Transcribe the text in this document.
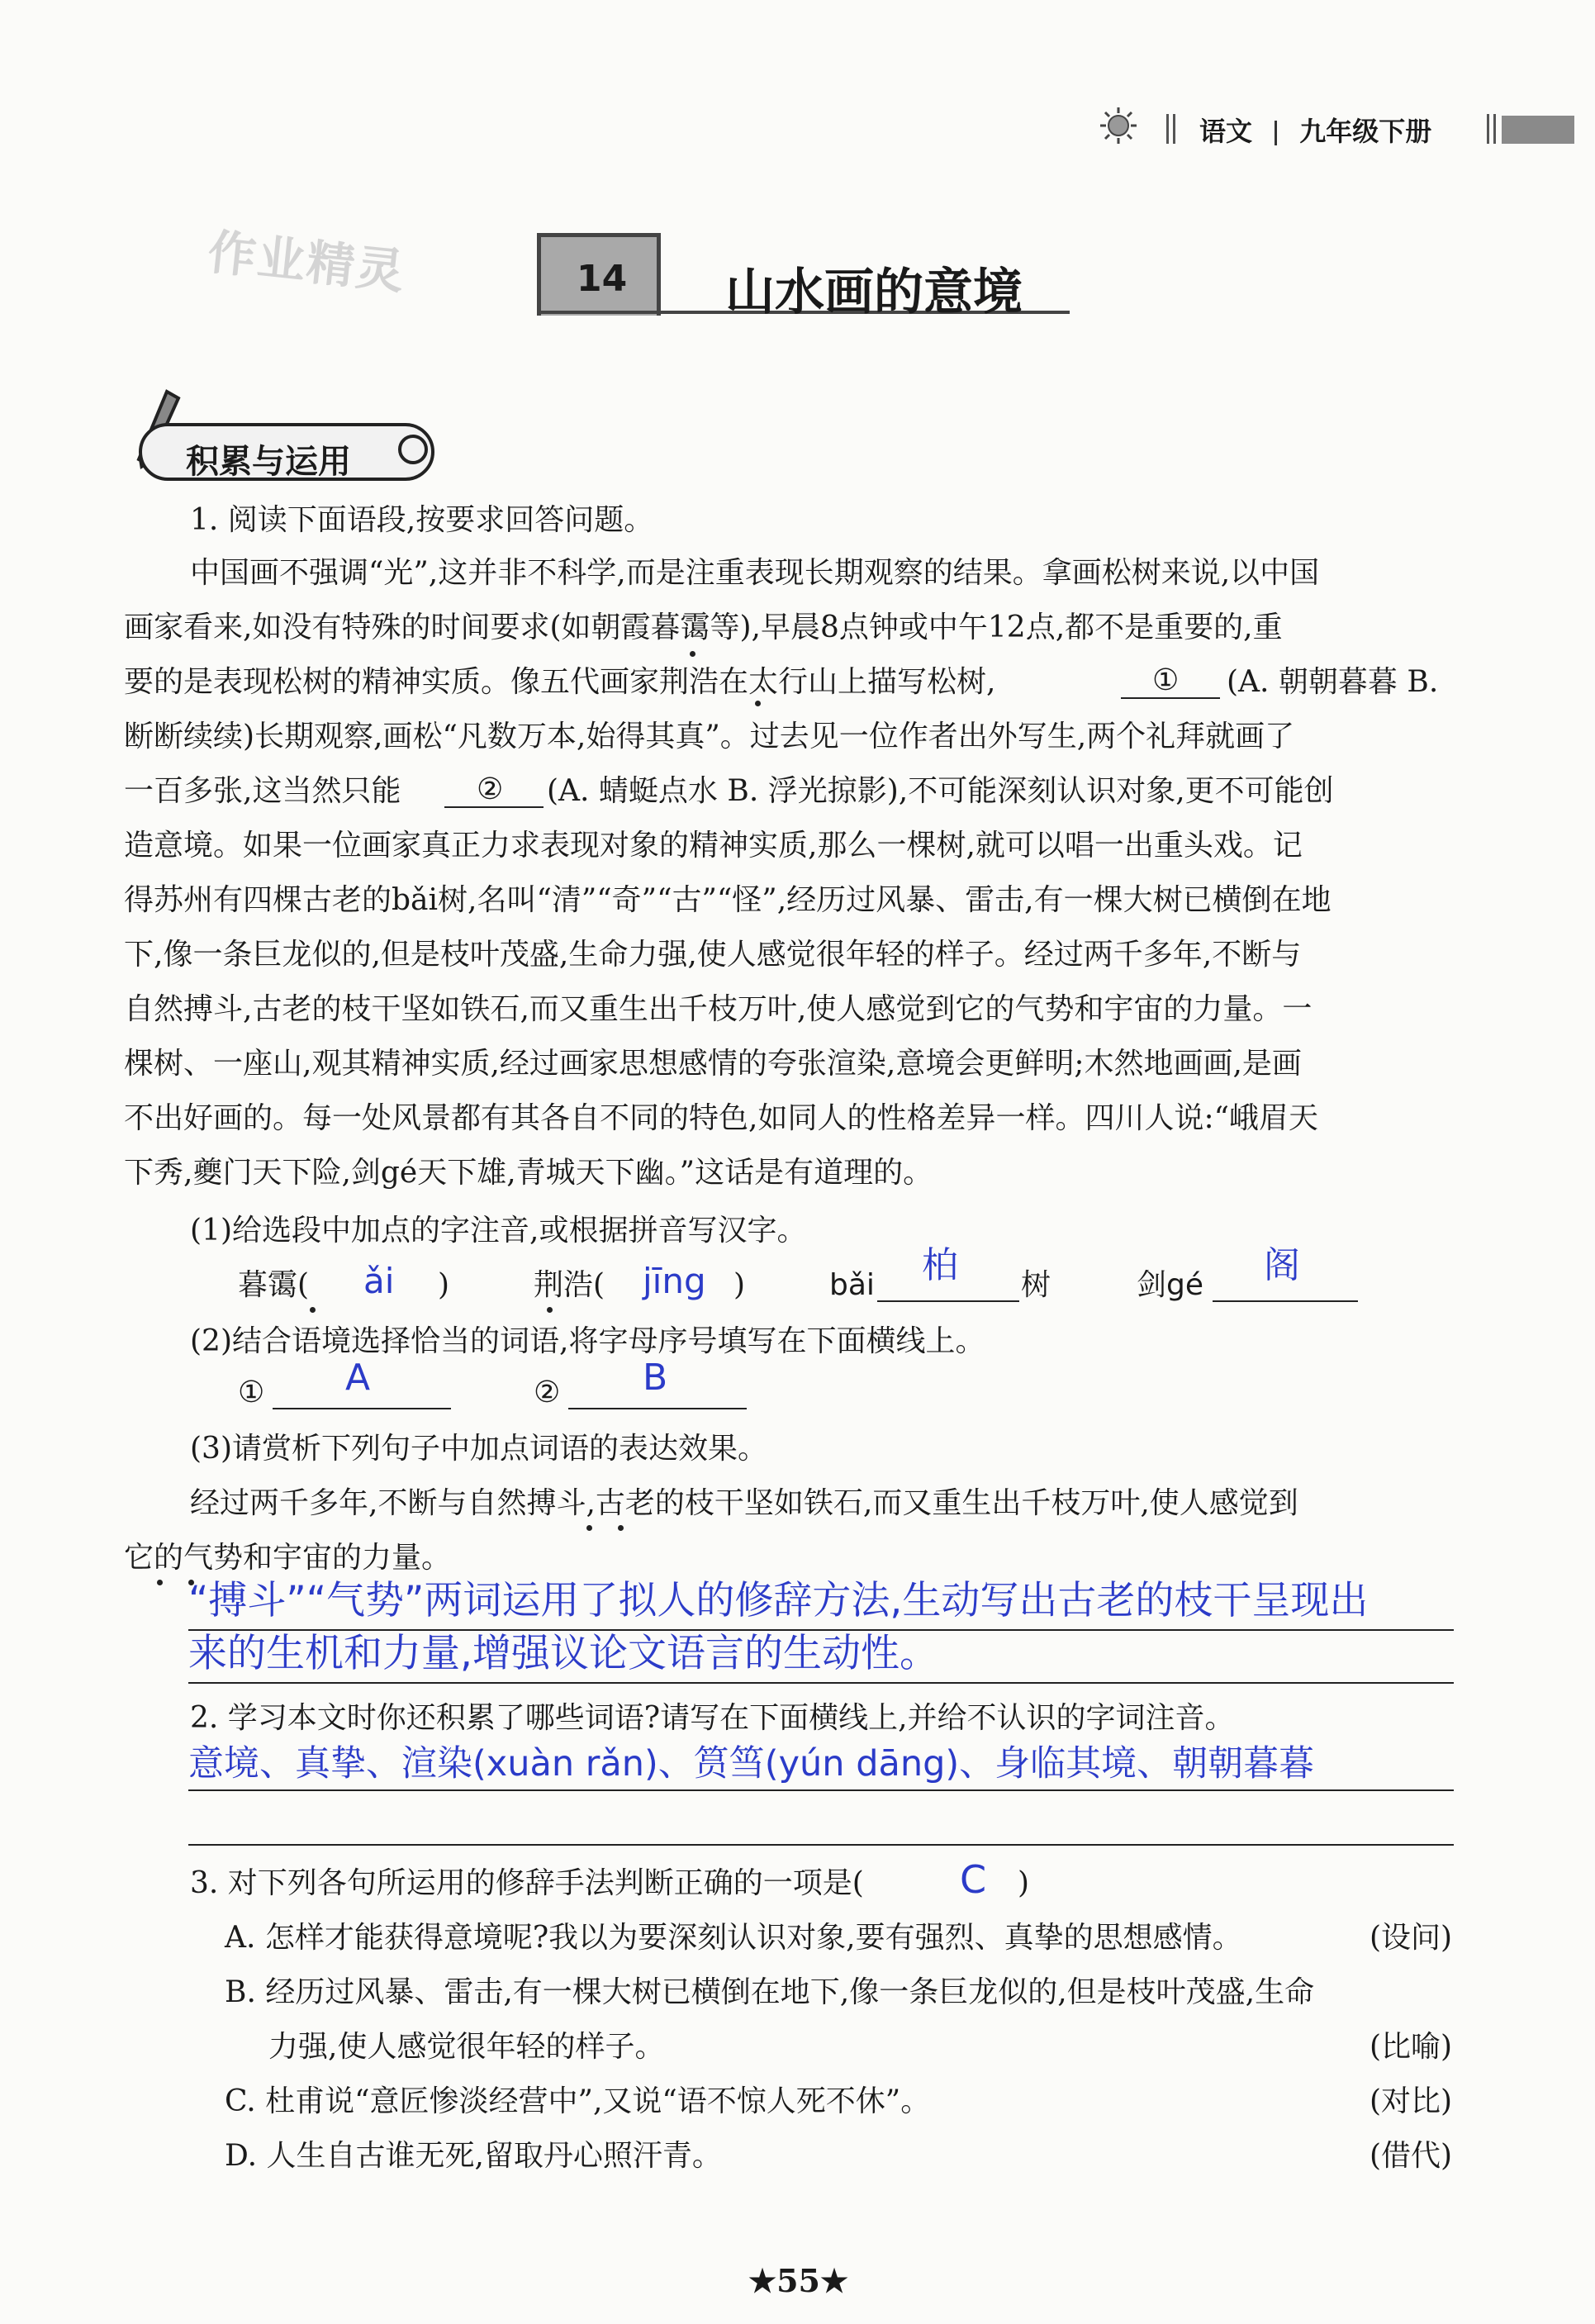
语文 九年级下册
作业精灵	14 山水画的意境
积累与运用
1. 阅读下面语段,按要求回答问题。
中国画不强调“光”,这并非不科学,而是注重表现长期观察的结果。拿画松树来说,以中国
画家看来,如没有特殊的时间要求(如朝霞暮霭等),早晨8点钟或中午12点,都不是重要的,重
要的是表现松树的精神实质。像五代画家荆浩在太行山上描写松树,	① (A. 朝朝暮暮 B.
断断续续)长期观察,画松“凡数万本,始得其真”。过去见一位作者出外写生,两个礼拜就画了
一百多张,这当然只能	② (A. 蜻蜓点水 B. 浮光掠影),不可能深刻认识对象,更不可能创
造意境。如果一位画家真正力求表现对象的精神实质,那么一棵树,就可以唱一出重头戏。记
得苏州有四棵古老的bǎi树,名叫“清”“奇”“古”“怪”,经历过风暴、雷击,有一棵大树已横倒在地
下,像一条巨龙似的,但是枝叶茂盛,生命力强,使人感觉很年轻的样子。经过两千多年,不断与
自然搏斗,古老的枝干坚如铁石,而又重生出千枝万叶,使人感觉到它的气势和宇宙的力量。一
棵树、一座山,观其精神实质,经过画家思想感情的夸张渲染,意境会更鲜明;木然地画画,是画
不出好画的。每一处风景都有其各自不同的特色,如同人的性格差异一样。四川人说:“峨眉天
下秀,夔门天下险,剑gé天下雄,青城天下幽。”这话是有道理的。
(1)给选段中加点的字注音,或根据拼音写汉字。
暮霭( ǎi )	荆浩( jīng )	bǎi 柏 树	剑gé 阁
(2)结合语境选择恰当的词语,将字母序号填写在下面横线上。
① A	② B
(3)请赏析下列句子中加点词语的表达效果。
经过两千多年,不断与自然搏斗,古老的枝干坚如铁石,而又重生出千枝万叶,使人感觉到
它的气势和宇宙的力量。
“搏斗”“气势”两词运用了拟人的修辞方法,生动写出古老的枝干呈现出
来的生机和力量,增强议论文语言的生动性。
2. 学习本文时你还积累了哪些词语?请写在下面横线上,并给不认识的字词注音。
意境、真挚、渲染(xuàn rǎn)、筼筜(yún dāng)、身临其境、朝朝暮暮
3. 对下列各句所运用的修辞手法判断正确的一项是(	C )
A. 怎样才能获得意境呢?我以为要深刻认识对象,要有强烈、真挚的思想感情。	(设问)
B. 经历过风暴、雷击,有一棵大树已横倒在地下,像一条巨龙似的,但是枝叶茂盛,生命
力强,使人感觉很年轻的样子。	(比喻)
C. 杜甫说“意匠惨淡经营中”,又说“语不惊人死不休”。	(对比)
D. 人生自古谁无死,留取丹心照汗青。	(借代)
★55★
